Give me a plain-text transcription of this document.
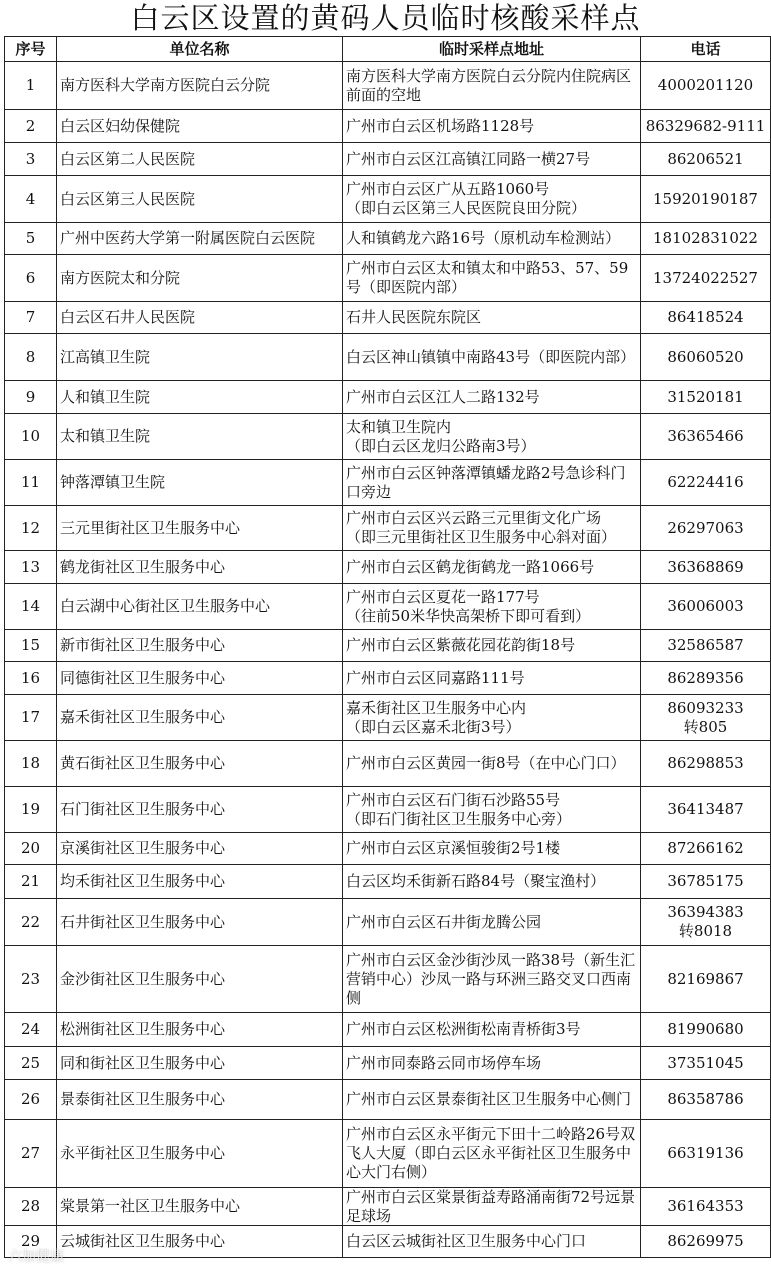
白云区设置的黄码人员临时核酸采样点
序号	单位名称	临时采样点地址	电话

1	南方医科大学南方医院白云分院	南方医科大学南方医院白云分院内住院病区前面的空地	4000201120

2	白云区妇幼保健院	广州市白云区机场路1128号	86329682-9111

3	白云区第二人民医院	广州市白云区江高镇江同路一横27号	86206521

4	白云区第三人民医院	广州市白云区广从五路1060号
（即白云区第三人民医院良田分院）	15920190187

5	广州中医药大学第一附属医院白云医院	人和镇鹤龙六路16号（原机动车检测站）	18102831022

6	南方医院太和分院	广州市白云区太和镇太和中路53、57、59号（即医院内部）	13724022527

7	白云区石井人民医院	石井人民医院东院区	86418524

8	江高镇卫生院	白云区神山镇镇中南路43号（即医院内部）	86060520

9	人和镇卫生院	广州市白云区江人二路132号	31520181

10	太和镇卫生院	太和镇卫生院内
（即白云区龙归公路南3号）	36365466

11	钟落潭镇卫生院	广州市白云区钟落潭镇蟠龙路2号急诊科门口旁边	62224416

12	三元里街社区卫生服务中心	广州市白云区兴云路三元里街文化广场
（即三元里街社区卫生服务中心斜对面）	26297063

13	鹤龙街社区卫生服务中心	广州市白云区鹤龙街鹤龙一路1066号	36368869

14	白云湖中心街社区卫生服务中心	广州市白云区夏花一路177号
（往前50米华快高架桥下即可看到）	36006003

15	新市街社区卫生服务中心	广州市白云区紫薇花园花韵街18号	32586587

16	同德街社区卫生服务中心	广州市白云区同嘉路111号	86289356

17	嘉禾街社区卫生服务中心	嘉禾街社区卫生服务中心内
（即白云区嘉禾北街3号）	86093233
转805

18	黄石街社区卫生服务中心	广州市白云区黄园一街8号（在中心门口）	86298853

19	石门街社区卫生服务中心	广州市白云区石门街石沙路55号
（即石门街社区卫生服务中心旁）	36413487

20	京溪街社区卫生服务中心	广州市白云区京溪恒骏街2号1楼	87266162

21	均禾街社区卫生服务中心	白云区均禾街新石路84号（聚宝渔村）	36785175

22	石井街社区卫生服务中心	广州市白云区石井街龙腾公园	36394383
转8018

23	金沙街社区卫生服务中心	广州市白云区金沙街沙凤一路38号（新生汇营销中心）沙凤一路与环洲三路交叉口西南侧	82169867

24	松洲街社区卫生服务中心	广州市白云区松洲街松南青桥街3号	81990680

25	同和街社区卫生服务中心	广州市同泰路云同市场停车场	37351045

26	景泰街社区卫生服务中心	广州市白云区景泰街社区卫生服务中心侧门	86358786

27	永平街社区卫生服务中心	广州市白云区永平街元下田十二岭路26号双飞人大厦（即白云区永平街社区卫生服务中心大门右侧）	66319136

28	棠景第一社区卫生服务中心	广州市白云区棠景街益寿路涌南街72号远景足球场	36164353

29	云城街社区卫生服务中心	白云区云城街社区卫生服务中心门口	86269975
六加健康
